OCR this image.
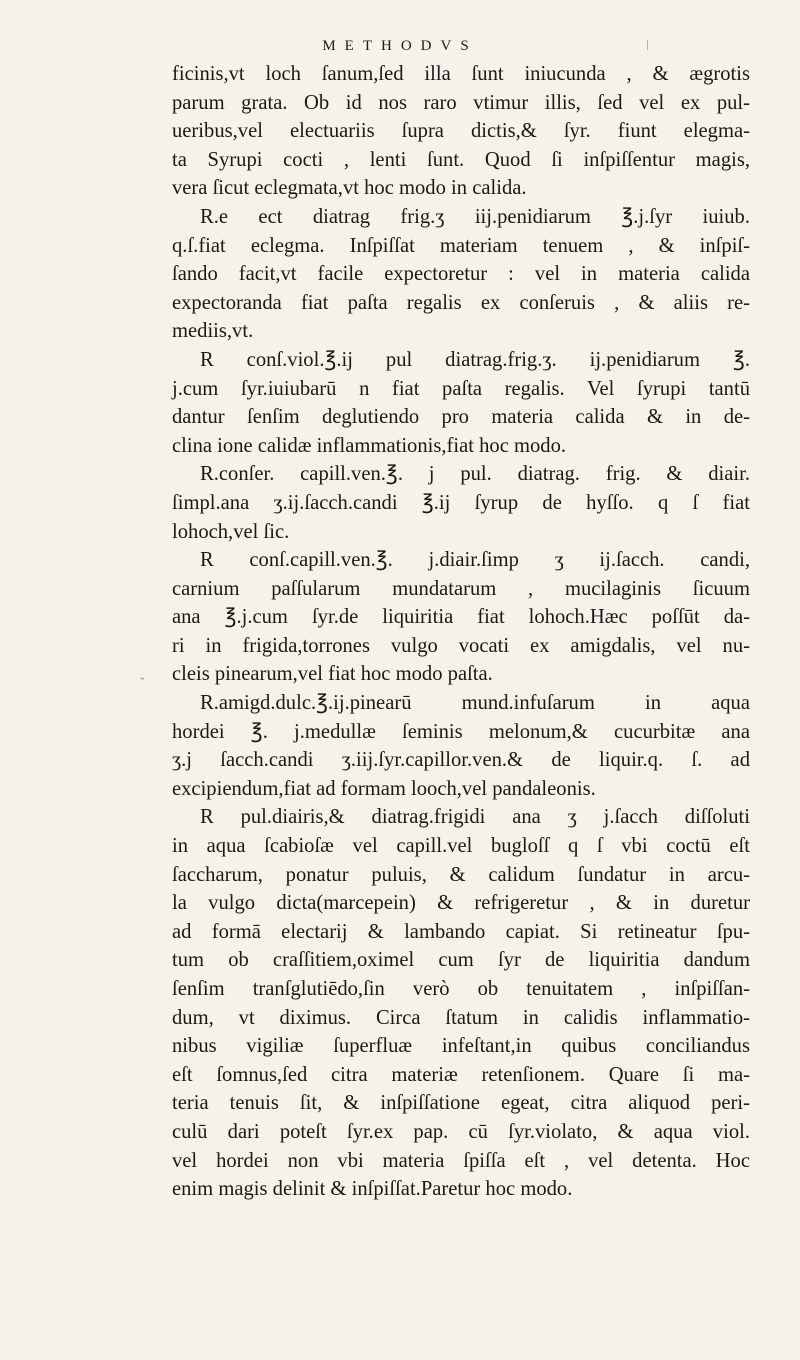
METHODVS
˘
ficinis,vt loch ſanum,ſed illa ſunt iniucunda , & ægrotis
parum grata. Ob id nos raro vtimur illis, ſed vel ex pul-
ueribus,vel electuariis ſupra dictis,& ſyr. fiunt elegma-
ta Syrupi cocti , lenti ſunt. Quod ſi inſpiſſentur magis,
vera ſicut eclegmata,vt hoc modo in calida.
R.e ect diatrag frig.ʒ iij.penidiarum ℥.j.ſyr iuiub.
q.ſ.fiat eclegma. Inſpiſſat materiam tenuem , & inſpiſ-
ſando facit,vt facile expectoretur : vel in materia calida
expectoranda fiat paſta regalis ex conſeruis , & aliis re-
mediis,vt.
R conſ.viol.℥.ij pul diatrag.frig.ʒ. ij.penidiarum ℥.
j.cum ſyr.iuiubarū n fiat paſta regalis. Vel ſyrupi tantū
dantur ſenſim deglutiendo pro materia calida & in de-
clina ione calidæ inflammationis,fiat hoc modo.
R.conſer. capill.ven.℥. j pul. diatrag. frig. & diair.
ſimpl.ana ʒ.ij.ſacch.candi ℥.ij ſyrup de hyſſo. q ſ fiat
lohoch,vel ſic.
R conſ.capill.ven.℥. j.diair.ſimp ʒ ij.ſacch. candi,
carnium paſſularum mundatarum , mucilaginis ſicuum
ana ℥.j.cum ſyr.de liquiritia fiat lohoch.Hæc poſſūt da-
ri in frigida,torrones vulgo vocati ex amigdalis, vel nu-
cleis pinearum,vel fiat hoc modo paſta.
R.amigd.dulc.℥.ij.pinearū mund.infuſarum in aqua
hordei ℥. j.medullæ ſeminis melonum,& cucurbitæ ana
ʒ.j ſacch.candi ʒ.iij.ſyr.capillor.ven.& de liquir.q. ſ. ad
excipiendum,fiat ad formam looch,vel pandaleonis.
R pul.diairis,& diatrag.frigidi ana ʒ j.ſacch diſſoluti
in aqua ſcabioſæ vel capill.vel bugloſſ q ſ vbi coctū eſt
ſaccharum, ponatur puluis, & calidum ſundatur in arcu-
la vulgo dicta(marcepein) & refrigeretur , & in duretur
ad formā electarij & lambando capiat. Si retineatur ſpu-
tum ob craſſitiem,oximel cum ſyr de liquiritia dandum
ſenſim tranſglutiēdo,ſin verò ob tenuitatem , inſpiſſan-
dum, vt diximus. Circa ſtatum in calidis inflammatio-
nibus vigiliæ ſuperfluæ infeſtant,in quibus conciliandus
eſt ſomnus,ſed citra materiæ retenſionem. Quare ſi ma-
teria tenuis ſit, & inſpiſſatione egeat, citra aliquod peri-
culū dari poteſt ſyr.ex pap. cū ſyr.violato, & aqua viol.
vel hordei non vbi materia ſpiſſa eſt , vel detenta. Hoc
enim magis delinit & inſpiſſat.Paretur hoc modo.
